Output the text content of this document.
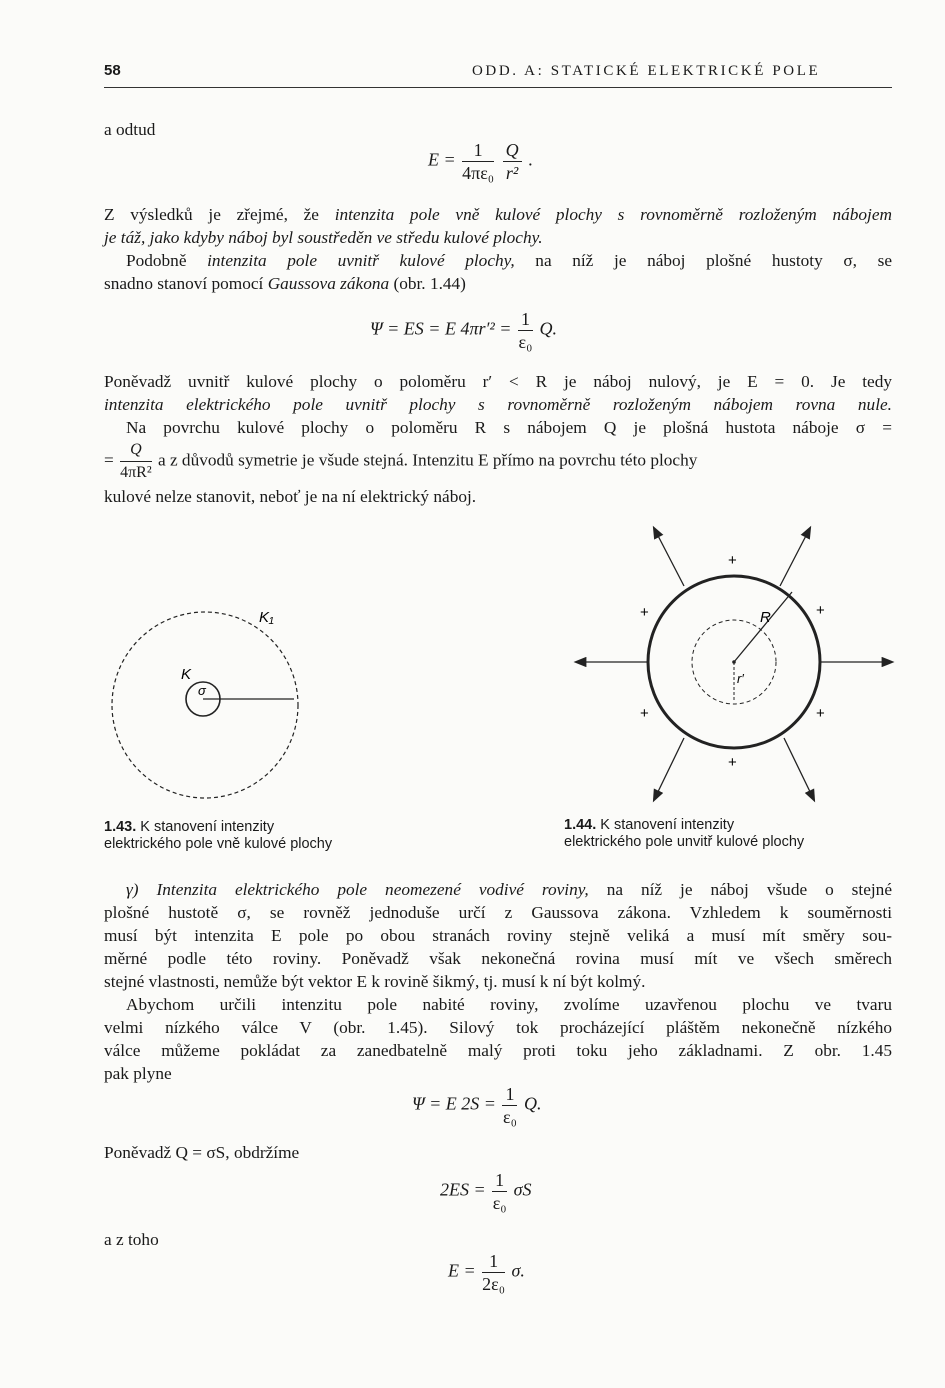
58	ODD. A: STATICKÉ ELEKTRICKÉ POLE
a odtud
$E = \frac{1}{\text{4πε₀}}$
$\frac{Q}{\text{r²}}$ .
Z výsledků je zřejmé, že intenzita pole vně kulové plochy s rovnoměrně rozloženým nábojem
je táž, jako kdyby náboj byl soustředěn ve středu kulové plochy.
Podobně intenzita pole uvnitř kulové plochy, na níž je náboj plošné hustoty σ, se
snadno stanoví pomocí Gaussova zákona (obr. 1.44)
Ψ = ES = E $4\pi r'^2 = \frac{1}{\text{ε₀}} Q$.
Poněvadž uvnitř kulové plochy o poloměru r′ < R je náboj nulový, je E = 0. Je tedy
intenzita elektrického pole uvnitř plochy s rovnoměrně rozloženým nábojem rovna nule.
Na povrchu kulové plochy o poloměru R s nábojem Q je plošná hustota náboje σ =
= $\frac{Q}{\text{4πR²}}$ a z důvodů symetrie je všude stejná. Intenzitu E přímo na povrchu této plochy
kulové nelze stanovit, neboť je na ní elektrický náboj.
K₁
K
σ
1.43. K stanovení intenzity
elektrického pole vně kulové plochy
+
+	+
+	+
+
R
r′
1.44. K stanovení intenzity
elektrického pole unvitř kulové plochy
γ) Intenzita elektrického pole neomezené vodivé roviny, na níž je náboj všude o stejné
plošné hustotě σ, se rovněž jednoduše určí z Gaussova zákona. Vzhledem k souměrnosti
musí být intenzita E pole po obou stranách roviny stejně veliká a musí mít směry sou-
měrné podle této roviny. Poněvadž však nekonečná rovina musí mít ve všech směrech
stejné vlastnosti, nemůže být vektor E k rovině šikmý, tj. musí k ní být kolmý.
Abychom určili intenzitu pole nabité roviny, zvolíme uzavřenou plochu ve tvaru
velmi nízkého válce V (obr. 1.45). Silový tok procházející pláštěm nekonečně nízkého
válce můžeme pokládat za zanedbatelně malý proti toku jeho základnami. Z obr. 1.45
pak plyne
Ψ = E $2S = \frac{1}{\text{ε₀}} Q$.
Poněvadž Q = σS, obdržíme
$2ES = \frac{1}{\text{ε₀}}$ σS
a z toho
$E = \frac{1}{\text{2ε₀}} \sigma$.
